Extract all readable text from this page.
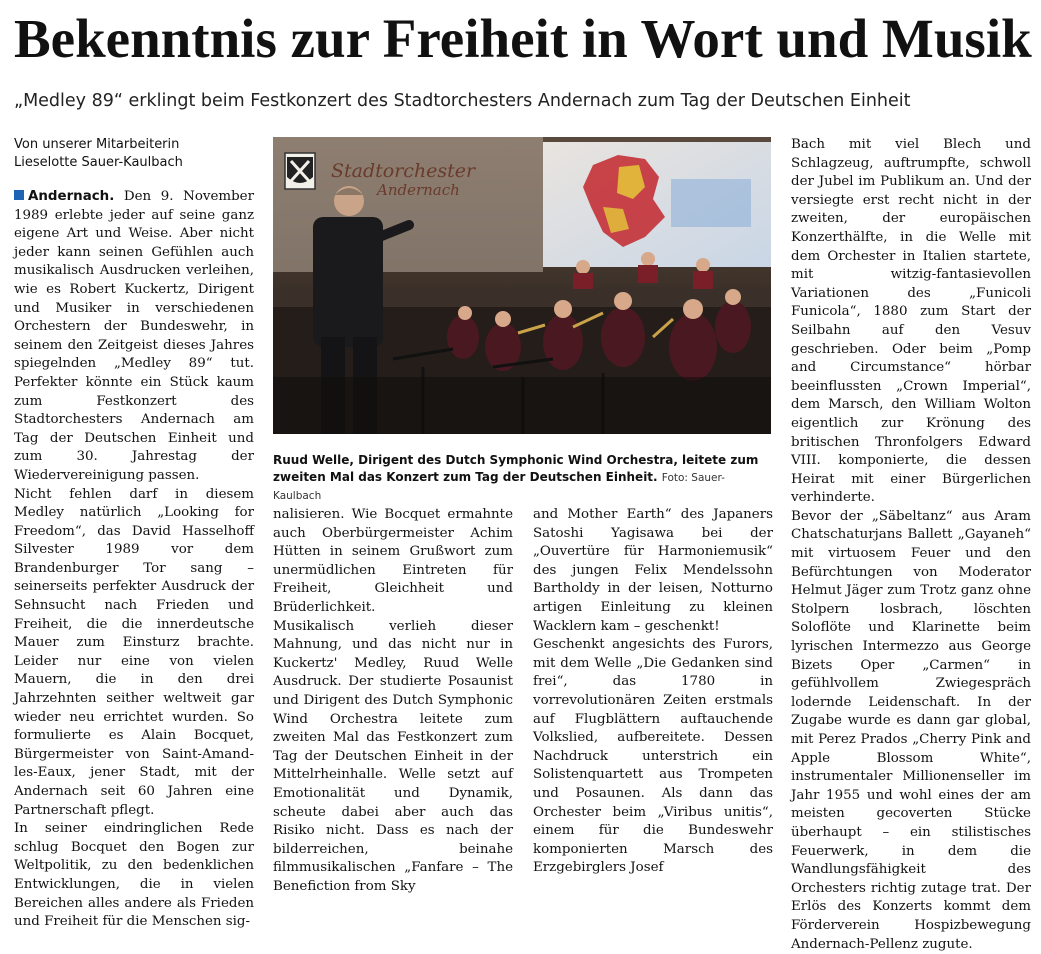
Bekenntnis zur Freiheit in Wort und Musik
„Medley 89“ erklingt beim Festkonzert des Stadtorchesters Andernach zum Tag der Deutschen Einheit
Von unserer Mitarbeiterin
Lieselotte Sauer-Kaulbach
Andernach. Den 9. November 1989 erlebte jeder auf seine ganz eigene Art und Weise. Aber nicht jeder kann seinen Gefühlen auch musikalisch Ausdrucken verleihen, wie es Robert Kuckertz, Dirigent und Musiker in verschiedenen Orchestern der Bundeswehr, in seinem den Zeitgeist dieses Jahres spiegelnden „Medley 89“ tut. Perfekter könnte ein Stück kaum zum Festkonzert des Stadtorchesters Andernach am Tag der Deutschen Einheit und zum 30. Jahrestag der Wiedervereinigung passen.
Nicht fehlen darf in diesem Medley natürlich „Looking for Freedom“, das David Hasselhoff Silvester 1989 vor dem Brandenburger Tor sang – seinerseits perfekter Ausdruck der Sehnsucht nach Frieden und Freiheit, die die innerdeutsche Mauer zum Einsturz brachte. Leider nur eine von vielen Mauern, die in den drei Jahrzehnten seither weltweit gar wieder neu errichtet wurden. So formulierte es Alain Bocquet, Bürgermeister von Saint-Amand-les-Eaux, jener Stadt, mit der Andernach seit 60 Jahren eine Partnerschaft pflegt.
In seiner eindringlichen Rede schlug Bocquet den Bogen zur Weltpolitik, zu den bedenklichen Entwicklungen, die in vielen Bereichen alles andere als Frieden und Freiheit für die Menschen sig-
Stadtorchester
Andernach
Ruud Welle, Dirigent des Dutch Symphonic Wind Orchestra, leitete zum zweiten Mal das Konzert zum Tag der Deutschen Einheit. Foto: Sauer-Kaulbach
nalisieren. Wie Bocquet ermahnte auch Oberbürgermeister Achim Hütten in seinem Grußwort zum unermüdlichen Eintreten für Freiheit, Gleichheit und Brüderlichkeit.
Musikalisch verlieh dieser Mahnung, und das nicht nur in Kuckertz' Medley, Ruud Welle Ausdruck. Der studierte Posaunist und Dirigent des Dutch Symphonic Wind Orchestra leitete zum zweiten Mal das Festkonzert zum Tag der Deutschen Einheit in der Mittelrheinhalle. Welle setzt auf Emotionalität und Dynamik, scheute dabei aber auch das Risiko nicht. Dass es nach der bilderreichen, beinahe filmmusikalischen „Fanfare – The Benefiction from Sky
and Mother Earth“ des Japaners Satoshi Yagisawa bei der „Ouvertüre für Harmoniemusik“ des jungen Felix Mendelssohn Bartholdy in der leisen, Notturno artigen Einleitung zu kleinen Wacklern kam – geschenkt!
Geschenkt angesichts des Furors, mit dem Welle „Die Gedanken sind frei“, das 1780 in vorrevolutionären Zeiten erstmals auf Flugblättern auftauchende Volkslied, aufbereitete. Dessen Nachdruck unterstrich ein Solistenquartett aus Trompeten und Posaunen. Als dann das Orchester beim „Viribus unitis“, einem für die Bundeswehr komponierten Marsch des Erzgebirglers Josef
Bach mit viel Blech und Schlagzeug, auftrumpfte, schwoll der Jubel im Publikum an. Und der versiegte erst recht nicht in der zweiten, der europäischen Konzerthälfte, in die Welle mit dem Orchester in Italien startete, mit witzig-fantasievollen Variationen des „Funicoli Funicola“, 1880 zum Start der Seilbahn auf den Vesuv geschrieben. Oder beim „Pomp and Circumstance“ hörbar beeinflussten „Crown Imperial“, dem Marsch, den William Wolton eigentlich zur Krönung des britischen Thronfolgers Edward VIII. komponierte, die dessen Heirat mit einer Bürgerlichen verhinderte.
Bevor der „Säbeltanz“ aus Aram Chatschaturjans Ballett „Gayaneh“ mit virtuosem Feuer und den Befürchtungen von Moderator Helmut Jäger zum Trotz ganz ohne Stolpern losbrach, löschten Soloflöte und Klarinette beim lyrischen Intermezzo aus George Bizets Oper „Carmen“ in gefühlvollem Zwiegespräch lodernde Leidenschaft. In der Zugabe wurde es dann gar global, mit Perez Prados „Cherry Pink and Apple Blossom White“, instrumentaler Millionenseller im Jahr 1955 und wohl eines der am meisten gecoverten Stücke überhaupt – ein stilistisches Feuerwerk, in dem die Wandlungsfähigkeit des Orchesters richtig zutage trat. Der Erlös des Konzerts kommt dem Förderverein Hospizbewegung Andernach-Pellenz zugute.
